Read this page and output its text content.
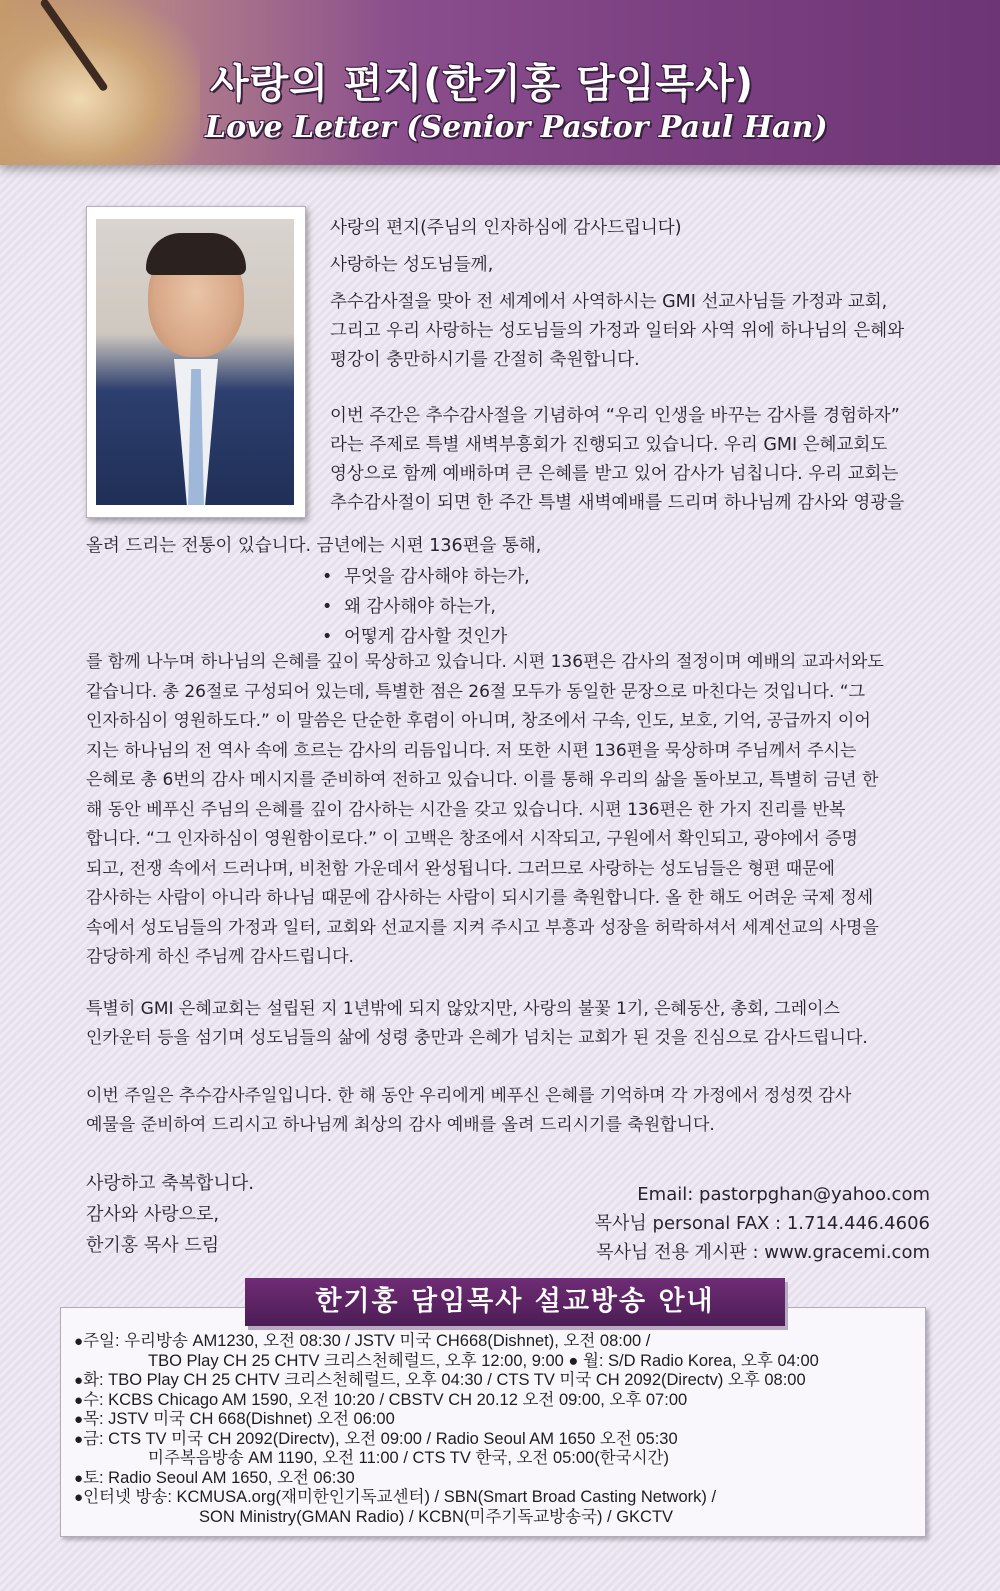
사랑의 편지(한기홍 담임목사)
Love Letter (Senior Pastor Paul Han)
사랑의 편지(주님의 인자하심에 감사드립니다)
사랑하는 성도님들께,
추수감사절을 맞아 전 세계에서 사역하시는 GMI 선교사님들 가정과 교회,
그리고 우리 사랑하는 성도님들의 가정과 일터와 사역 위에 하나님의 은혜와
평강이 충만하시기를 간절히 축원합니다.
이번 주간은 추수감사절을 기념하여 “우리 인생을 바꾸는 감사를 경험하자”
라는 주제로 특별 새벽부흥회가 진행되고 있습니다. 우리 GMI 은혜교회도
영상으로 함께 예배하며 큰 은혜를 받고 있어 감사가 넘칩니다. 우리 교회는
추수감사절이 되면 한 주간 특별 새벽예배를 드리며 하나님께 감사와 영광을
올려 드리는 전통이 있습니다. 금년에는 시편 136편을 통해,
• 무엇을 감사해야 하는가,
• 왜 감사해야 하는가,
• 어떻게 감사할 것인가
를 함께 나누며 하나님의 은혜를 깊이 묵상하고 있습니다. 시편 136편은 감사의 절정이며 예배의 교과서와도
같습니다. 총 26절로 구성되어 있는데, 특별한 점은 26절 모두가 동일한 문장으로 마친다는 것입니다. “그
인자하심이 영원하도다.” 이 말씀은 단순한 후렴이 아니며, 창조에서 구속, 인도, 보호, 기억, 공급까지 이어
지는 하나님의 전 역사 속에 흐르는 감사의 리듬입니다. 저 또한 시편 136편을 묵상하며 주님께서 주시는
은혜로 총 6번의 감사 메시지를 준비하여 전하고 있습니다. 이를 통해 우리의 삶을 돌아보고, 특별히 금년 한
해 동안 베푸신 주님의 은혜를 깊이 감사하는 시간을 갖고 있습니다. 시편 136편은 한 가지 진리를 반복
합니다. “그 인자하심이 영원함이로다.” 이 고백은 창조에서 시작되고, 구원에서 확인되고, 광야에서 증명
되고, 전쟁 속에서 드러나며, 비천함 가운데서 완성됩니다. 그러므로 사랑하는 성도님들은 형편 때문에
감사하는 사람이 아니라 하나님 때문에 감사하는 사람이 되시기를 축원합니다. 올 한 해도 어려운 국제 정세
속에서 성도님들의 가정과 일터, 교회와 선교지를 지켜 주시고 부흥과 성장을 허락하셔서 세계선교의 사명을
감당하게 하신 주님께 감사드립니다.
특별히 GMI 은혜교회는 설립된 지 1년밖에 되지 않았지만, 사랑의 불꽃 1기, 은혜동산, 총회, 그레이스
인카운터 등을 섬기며 성도님들의 삶에 성령 충만과 은혜가 넘치는 교회가 된 것을 진심으로 감사드립니다.
이번 주일은 추수감사주일입니다. 한 해 동안 우리에게 베푸신 은혜를 기억하며 각 가정에서 정성껏 감사
예물을 준비하여 드리시고 하나님께 최상의 감사 예배를 올려 드리시기를 축원합니다.
사랑하고 축복합니다.
감사와 사랑으로,
한기홍 목사 드림
Email: pastorpghan@yahoo.com
목사님 personal FAX : 1.714.446.4606
목사님 전용 게시판 : www.gracemi.com
한기홍 담임목사 설교방송 안내
●주일: 우리방송 AM1230, 오전 08:30 / JSTV 미국 CH668(Dishnet), 오전 08:00 /
TBO Play CH 25 CHTV 크리스천헤럴드, 오후 12:00, 9:00 ● 월: S/D Radio Korea, 오후 04:00
●화: TBO Play CH 25 CHTV 크리스천헤럴드, 오후 04:30 / CTS TV 미국 CH 2092(Directv) 오후 08:00
●수: KCBS Chicago AM 1590, 오전 10:20 / CBSTV CH 20.12 오전 09:00, 오후 07:00
●목: JSTV 미국 CH 668(Dishnet) 오전 06:00
●금: CTS TV 미국 CH 2092(Directv), 오전 09:00 / Radio Seoul AM 1650 오전 05:30
미주복음방송 AM 1190, 오전 11:00 / CTS TV 한국, 오전 05:00(한국시간)
●토: Radio Seoul AM 1650, 오전 06:30
●인터넷 방송: KCMUSA.org(재미한인기독교센터) / SBN(Smart Broad Casting Network) /
SON Ministry(GMAN Radio) / KCBN(미주기독교방송국) / GKCTV
